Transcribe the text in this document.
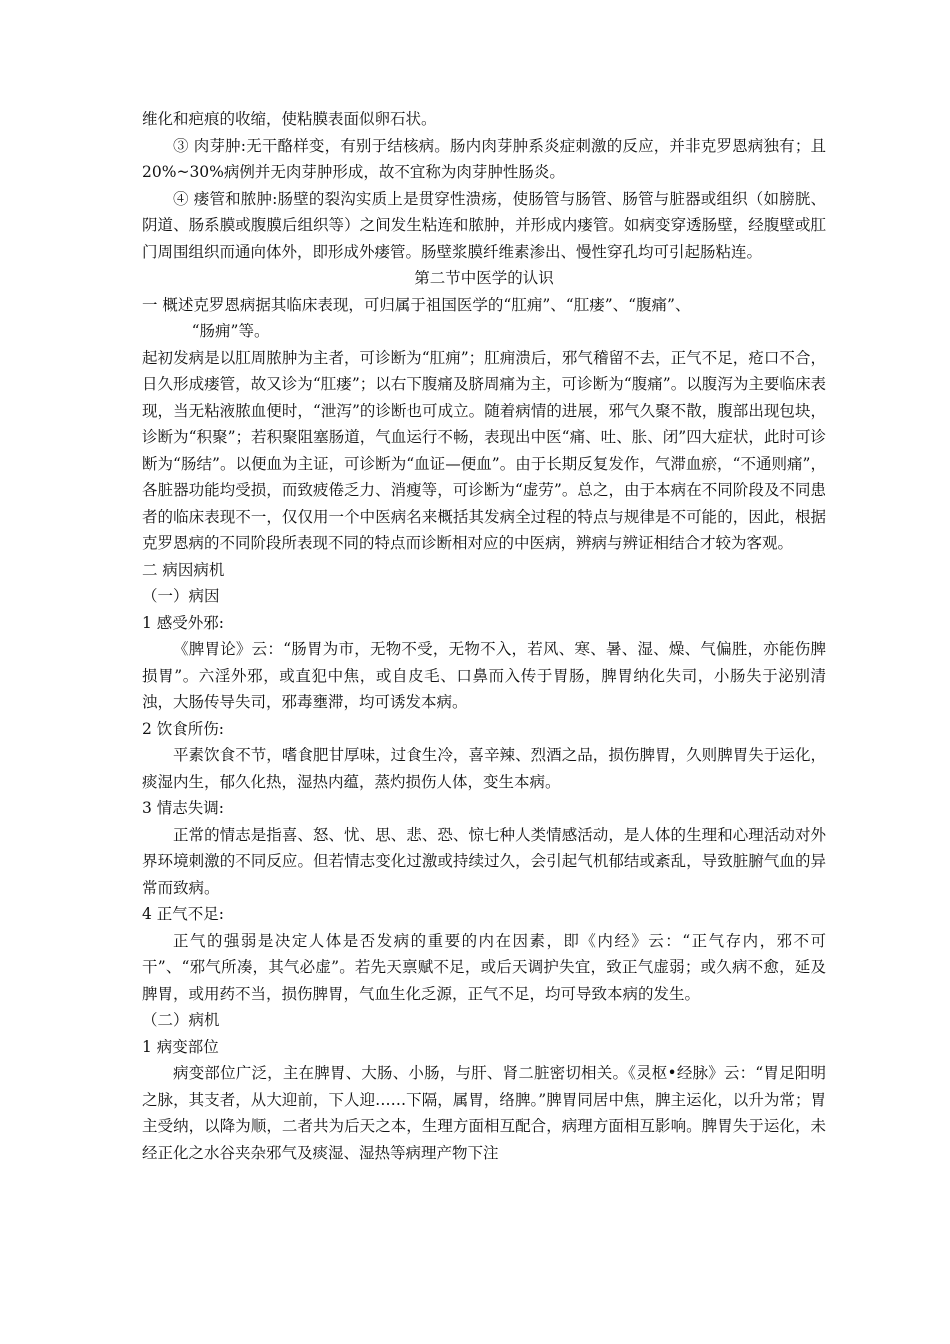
维化和疤痕的收缩，使粘膜表面似卵石状。

③ 肉芽肿:无干酪样变，有别于结核病。肠内肉芽肿系炎症刺激的反应，并非克罗恩病独有；且20%~30%病例并无肉芽肿形成，故不宜称为肉芽肿性肠炎。

④ 瘘管和脓肿:肠壁的裂沟实质上是贯穿性溃疡，使肠管与肠管、肠管与脏器或组织（如膀胱、阴道、肠系膜或腹膜后组织等）之间发生粘连和脓肿，并形成内瘘管。如病变穿透肠壁，经腹壁或肛门周围组织而通向体外，即形成外瘘管。肠壁浆膜纤维素渗出、慢性穿孔均可引起肠粘连。

第二节中医学的认识

一 概述克罗恩病据其临床表现，可归属于祖国医学的“肛痈”、“肛瘘”、“腹痛”、

“肠痈”等。

起初发病是以肛周脓肿为主者，可诊断为“肛痈”；肛痈溃后，邪气稽留不去，正气不足，疮口不合，日久形成瘘管，故又诊为“肛瘘”；以右下腹痛及脐周痛为主，可诊断为“腹痛”。以腹泻为主要临床表现，当无粘液脓血便时，“泄泻”的诊断也可成立。随着病情的进展，邪气久聚不散，腹部出现包块，诊断为“积聚”；若积聚阻塞肠道，气血运行不畅，表现出中医“痛、吐、胀、闭”四大症状，此时可诊断为“肠结”。以便血为主证，可诊断为“血证—便血”。由于长期反复发作，气滞血瘀，“不通则痛”，各脏器功能均受损，而致疲倦乏力、消瘦等，可诊断为“虚劳”。总之，由于本病在不同阶段及不同患者的临床表现不一，仅仅用一个中医病名来概括其发病全过程的特点与规律是不可能的，因此，根据克罗恩病的不同阶段所表现不同的特点而诊断相对应的中医病，辨病与辨证相结合才较为客观。

二 病因病机

（一）病因

1 感受外邪:

《脾胃论》云：“肠胃为市，无物不受，无物不入，若风、寒、暑、湿、燥、气偏胜，亦能伤脾损胃”。六淫外邪，或直犯中焦，或自皮毛、口鼻而入传于胃肠，脾胃纳化失司，小肠失于泌别清浊，大肠传导失司，邪毒壅滞，均可诱发本病。

2 饮食所伤:

平素饮食不节，嗜食肥甘厚味，过食生冷，喜辛辣、烈酒之品，损伤脾胃，久则脾胃失于运化，痰湿内生，郁久化热，湿热内蕴，蒸灼损伤人体，变生本病。

3 情志失调:

正常的情志是指喜、怒、忧、思、悲、恐、惊七种人类情感活动，是人体的生理和心理活动对外界环境刺激的不同反应。但若情志变化过激或持续过久，会引起气机郁结或紊乱，导致脏腑气血的异常而致病。

4 正气不足:

正气的强弱是决定人体是否发病的重要的内在因素，即《内经》云：“正气存内，邪不可干”、“邪气所凑，其气必虚”。若先天禀赋不足，或后天调护失宜，致正气虚弱；或久病不愈，延及脾胃，或用药不当，损伤脾胃，气血生化乏源，正气不足，均可导致本病的发生。

（二）病机

1 病变部位

病变部位广泛，主在脾胃、大肠、小肠，与肝、肾二脏密切相关。《灵枢•经脉》云：“胃足阳明之脉，其支者，从大迎前，下人迎……下隔，属胃，络脾。”脾胃同居中焦，脾主运化，以升为常；胃主受纳，以降为顺，二者共为后天之本，生理方面相互配合，病理方面相互影响。脾胃失于运化，未经正化之水谷夹杂邪气及痰湿、湿热等病理产物下注
